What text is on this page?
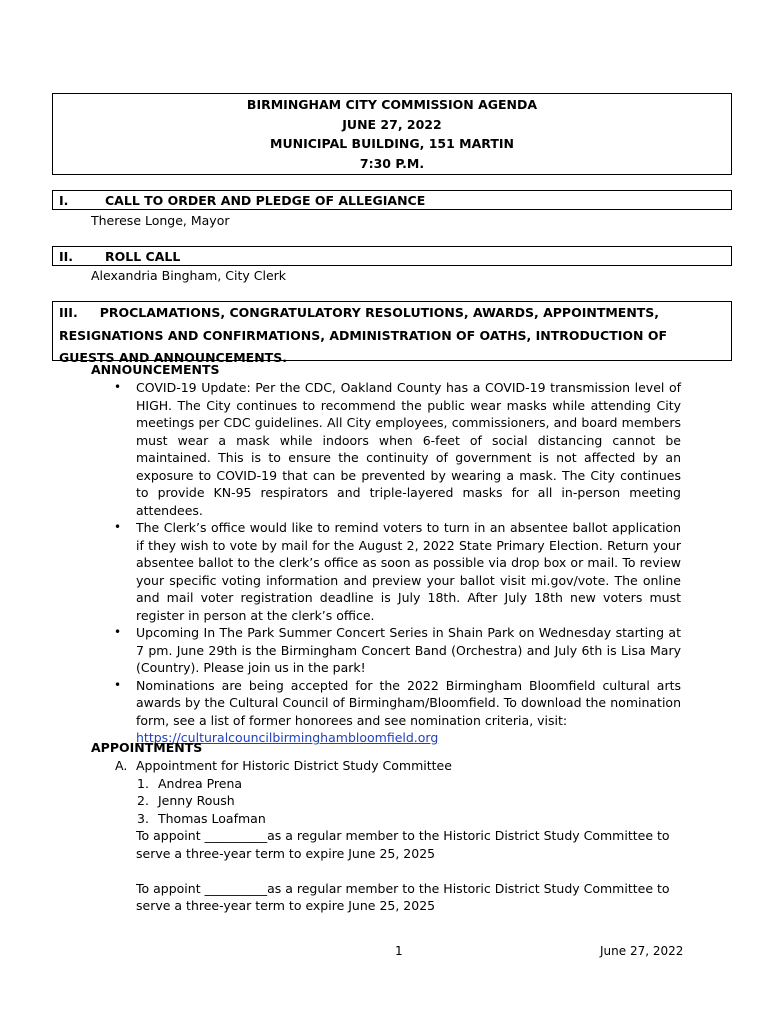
BIRMINGHAM CITY COMMISSION AGENDA
JUNE 27, 2022
MUNICIPAL BUILDING, 151 MARTIN
7:30 P.M.
I.	CALL TO ORDER AND PLEDGE OF ALLEGIANCE
Therese Longe, Mayor
II.	ROLL CALL
Alexandria Bingham, City Clerk
III. PROCLAMATIONS, CONGRATULATORY RESOLUTIONS, AWARDS, APPOINTMENTS,
RESIGNATIONS AND CONFIRMATIONS, ADMINISTRATION OF OATHS, INTRODUCTION OF
GUESTS AND ANNOUNCEMENTS.
ANNOUNCEMENTS
• COVID-19 Update: Per the CDC, Oakland County has a COVID-19 transmission level of HIGH. The City continues to recommend the public wear masks while attending City meetings per CDC guidelines. All City employees, commissioners, and board members must wear a mask while indoors when 6-feet of social distancing cannot be maintained. This is to ensure the continuity of government is not affected by an exposure to COVID-19 that can be prevented by wearing a mask. The City continues to provide KN-95 respirators and triple-layered masks for all in-person meeting attendees.
• The Clerk’s office would like to remind voters to turn in an absentee ballot application if they wish to vote by mail for the August 2, 2022 State Primary Election. Return your absentee ballot to the clerk’s office as soon as possible via drop box or mail. To review your specific voting information and preview your ballot visit mi.gov/vote. The online and mail voter registration deadline is July 18th. After July 18th new voters must register in person at the clerk’s office.
• Upcoming In The Park Summer Concert Series in Shain Park on Wednesday starting at 7 pm. June 29th is the Birmingham Concert Band (Orchestra) and July 6th is Lisa Mary (Country). Please join us in the park!
• Nominations are being accepted for the 2022 Birmingham Bloomfield cultural arts awards by the Cultural Council of Birmingham/Bloomfield. To download the nomination form, see a list of former honorees and see nomination criteria, visit:
https://culturalcouncilbirminghambloomfield.org
APPOINTMENTS
A. Appointment for Historic District Study Committee
1. Andrea Prena
2. Jenny Roush
3. Thomas Loafman
To appoint __________as a regular member to the Historic District Study Committee to serve a three-year term to expire June 25, 2025
To appoint __________as a regular member to the Historic District Study Committee to serve a three-year term to expire June 25, 2025
1	June 27, 2022
